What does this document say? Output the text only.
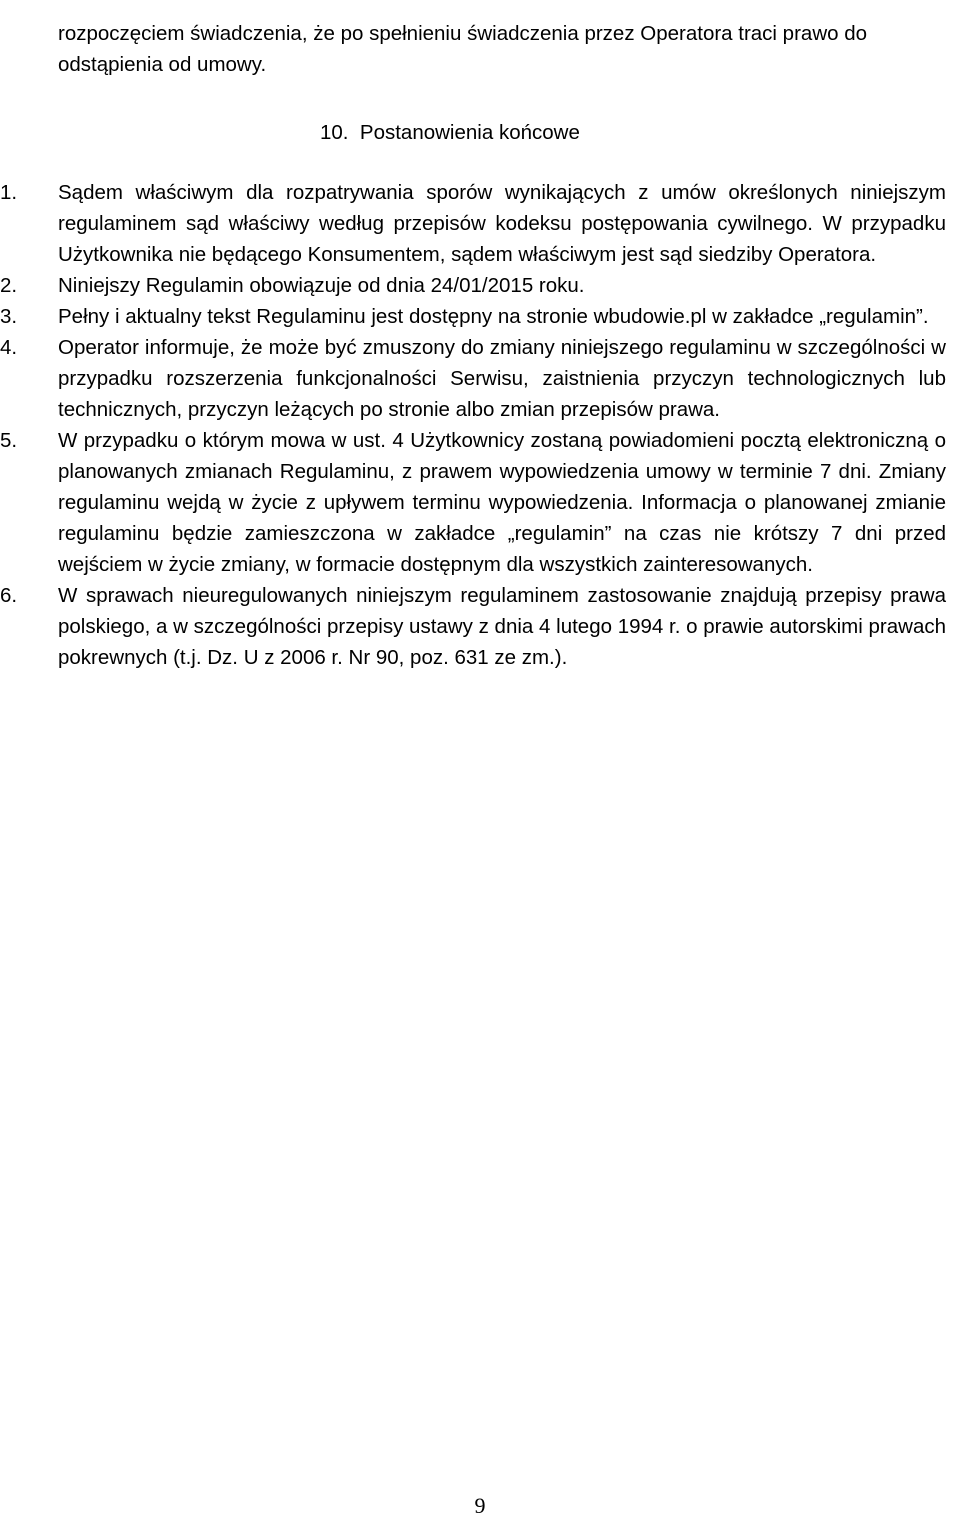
rozpoczęciem świadczenia, że po spełnieniu świadczenia przez Operatora traci prawo do odstąpienia od umowy.

10. Postanowienia końcowe
1.	Sądem właściwym dla rozpatrywania sporów wynikających z umów określonych niniejszym regulaminem sąd właściwy według przepisów kodeksu postępowania cywilnego. W przypadku Użytkownika nie będącego Konsumentem, sądem właściwym jest sąd siedziby Operatora.
2.	Niniejszy Regulamin obowiązuje od dnia 24/01/2015 roku.
3.	Pełny i aktualny tekst Regulaminu jest dostępny na stronie wbudowie.pl w zakładce „regulamin”.
4.	Operator informuje, że może być zmuszony do zmiany niniejszego regulaminu w szczególności w przypadku rozszerzenia funkcjonalności Serwisu, zaistnienia przyczyn technologicznych lub technicznych, przyczyn leżących po stronie albo zmian przepisów prawa.
5.	W przypadku o którym mowa w ust. 4 Użytkownicy zostaną powiadomieni pocztą elektroniczną o planowanych zmianach Regulaminu, z prawem wypowiedzenia umowy w terminie 7 dni. Zmiany regulaminu wejdą w życie z upływem terminu wypowiedzenia. Informacja o planowanej zmianie regulaminu będzie zamieszczona w zakładce „regulamin” na czas nie krótszy 7 dni przed wejściem w życie zmiany, w formacie dostępnym dla wszystkich zainteresowanych.
6.	W sprawach nieuregulowanych niniejszym regulaminem zastosowanie znajdują przepisy prawa polskiego, a w szczególności przepisy ustawy z dnia 4 lutego 1994 r. o prawie autorskimi prawach pokrewnych (t.j. Dz. U z 2006 r. Nr 90, poz. 631 ze zm.).
9
